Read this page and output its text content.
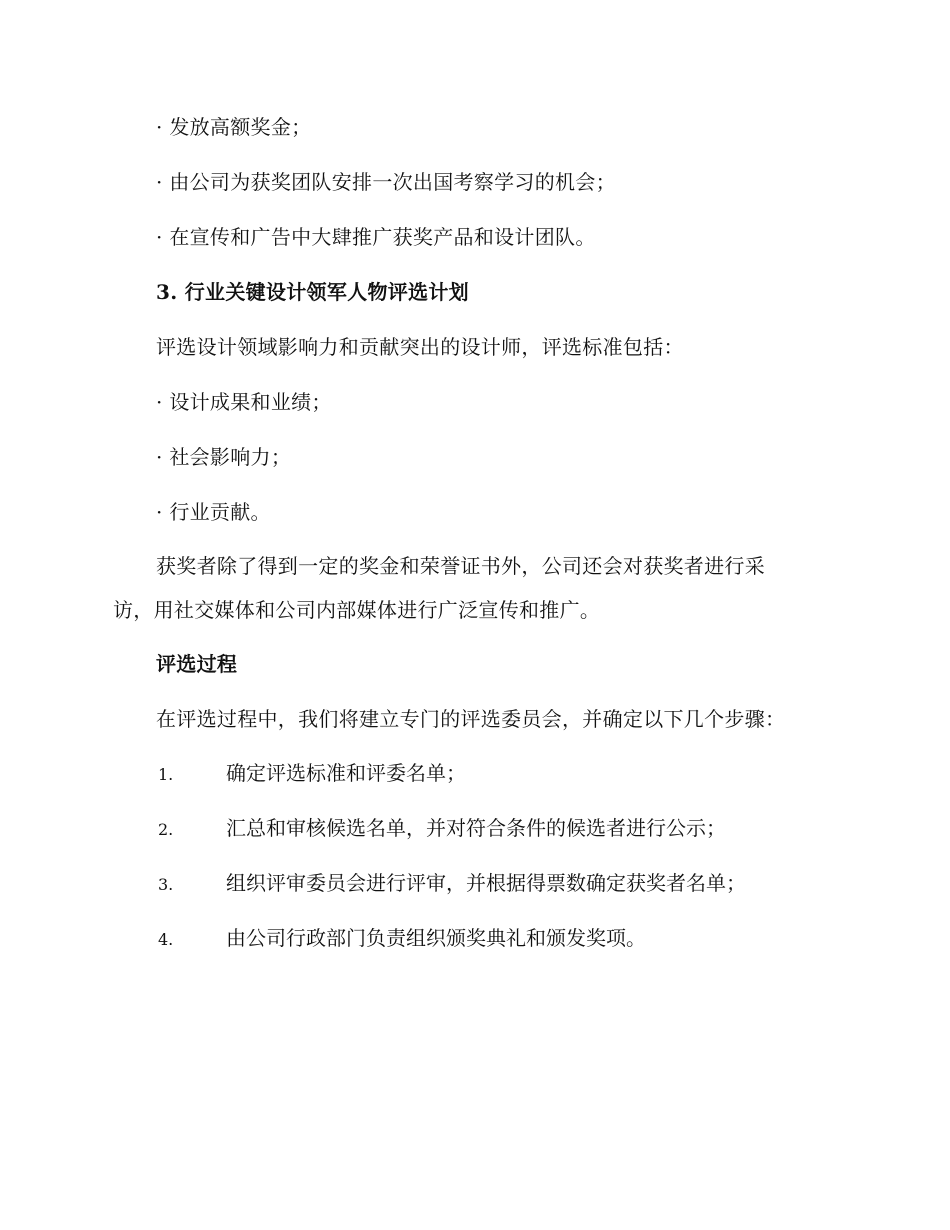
· 发放高额奖金；
· 由公司为获奖团队安排一次出国考察学习的机会；
· 在宣传和广告中大肆推广获奖产品和设计团队。
3. 行业关键设计领军人物评选计划
评选设计领域影响力和贡献突出的设计师，评选标准包括：
· 设计成果和业绩；
· 社会影响力；
· 行业贡献。
获奖者除了得到一定的奖金和荣誉证书外，公司还会对获奖者进行采
访，用社交媒体和公司内部媒体进行广泛宣传和推广。
评选过程
在评选过程中，我们将建立专门的评选委员会，并确定以下几个步骤：
1.	确定评选标准和评委名单；
2.	汇总和审核候选名单，并对符合条件的候选者进行公示；
3.	组织评审委员会进行评审，并根据得票数确定获奖者名单；
4.	由公司行政部门负责组织颁奖典礼和颁发奖项。
